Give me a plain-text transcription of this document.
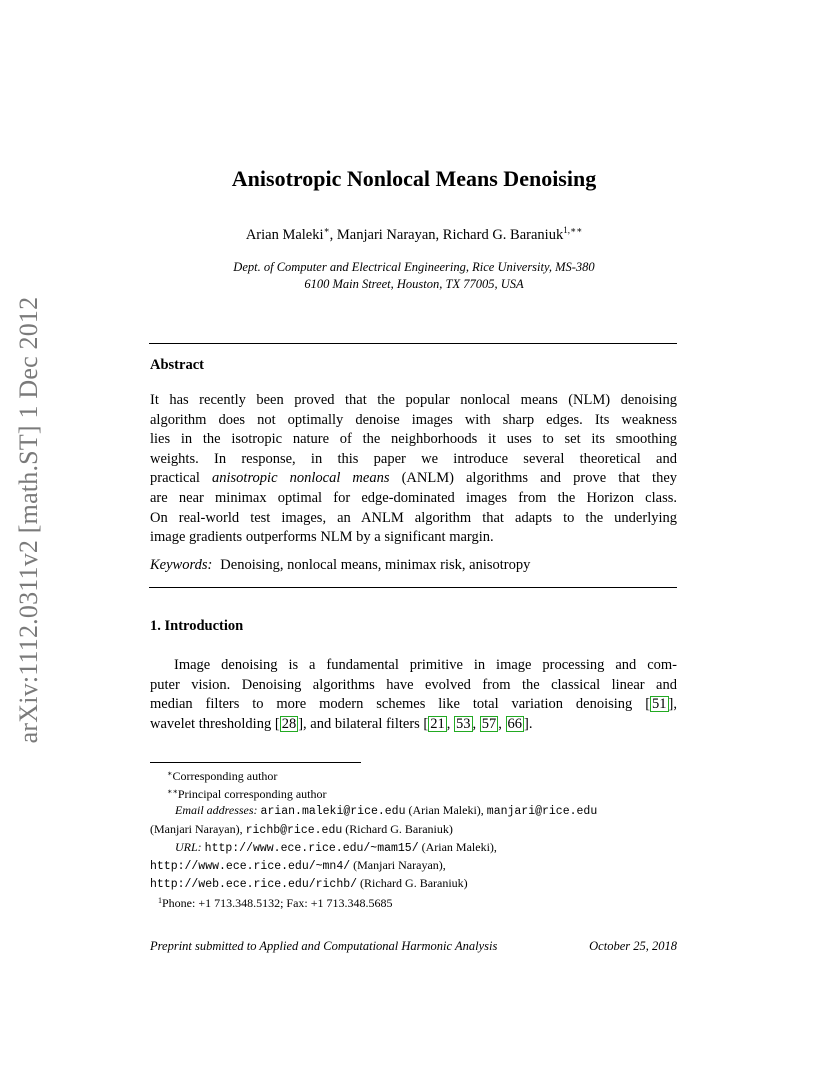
arXiv:1112.0311v2 [math.ST] 1 Dec 2012
Anisotropic Nonlocal Means Denoising
Arian Maleki∗, Manjari Narayan, Richard G. Baraniuk$^{1,∗∗}$
Dept. of Computer and Electrical Engineering, Rice University, MS-380
6100 Main Street, Houston, TX 77005, USA
Abstract
It has recently been proved that the popular nonlocal means (NLM) denoising
algorithm does not optimally denoise images with sharp edges. Its weakness
lies in the isotropic nature of the neighborhoods it uses to set its smoothing
weights. In response, in this paper we introduce several theoretical and
practical anisotropic nonlocal means (ANLM) algorithms and prove that they
are near minimax optimal for edge-dominated images from the Horizon class.
On real-world test images, an ANLM algorithm that adapts to the underlying
image gradients outperforms NLM by a significant margin.
Keywords: Denoising, nonlocal means, minimax risk, anisotropy
1. Introduction
Image denoising is a fundamental primitive in image processing and com-
puter vision. Denoising algorithms have evolved from the classical linear and
median filters to more modern schemes like total variation denoising [ 51 ],
wavelet thresholding [ 28 ], and bilateral filters [ 21 , 53 , 57 , 66 ].
∗Corresponding author
∗∗Principal corresponding author
Email addresses: arian.maleki@rice.edu (Arian Maleki), manjari@rice.edu
(Manjari Narayan), richb@rice.edu (Richard G. Baraniuk)
URL: http://www.ece.rice.edu/~mam15/ (Arian Maleki),
http://www.ece.rice.edu/~mn4/ (Manjari Narayan),
http://web.ece.rice.edu/richb/ (Richard G. Baraniuk)
$^1$Phone: +1 713.348.5132; Fax: +1 713.348.5685
Preprint submitted to Applied and Computational Harmonic Analysis	October 25, 2018
